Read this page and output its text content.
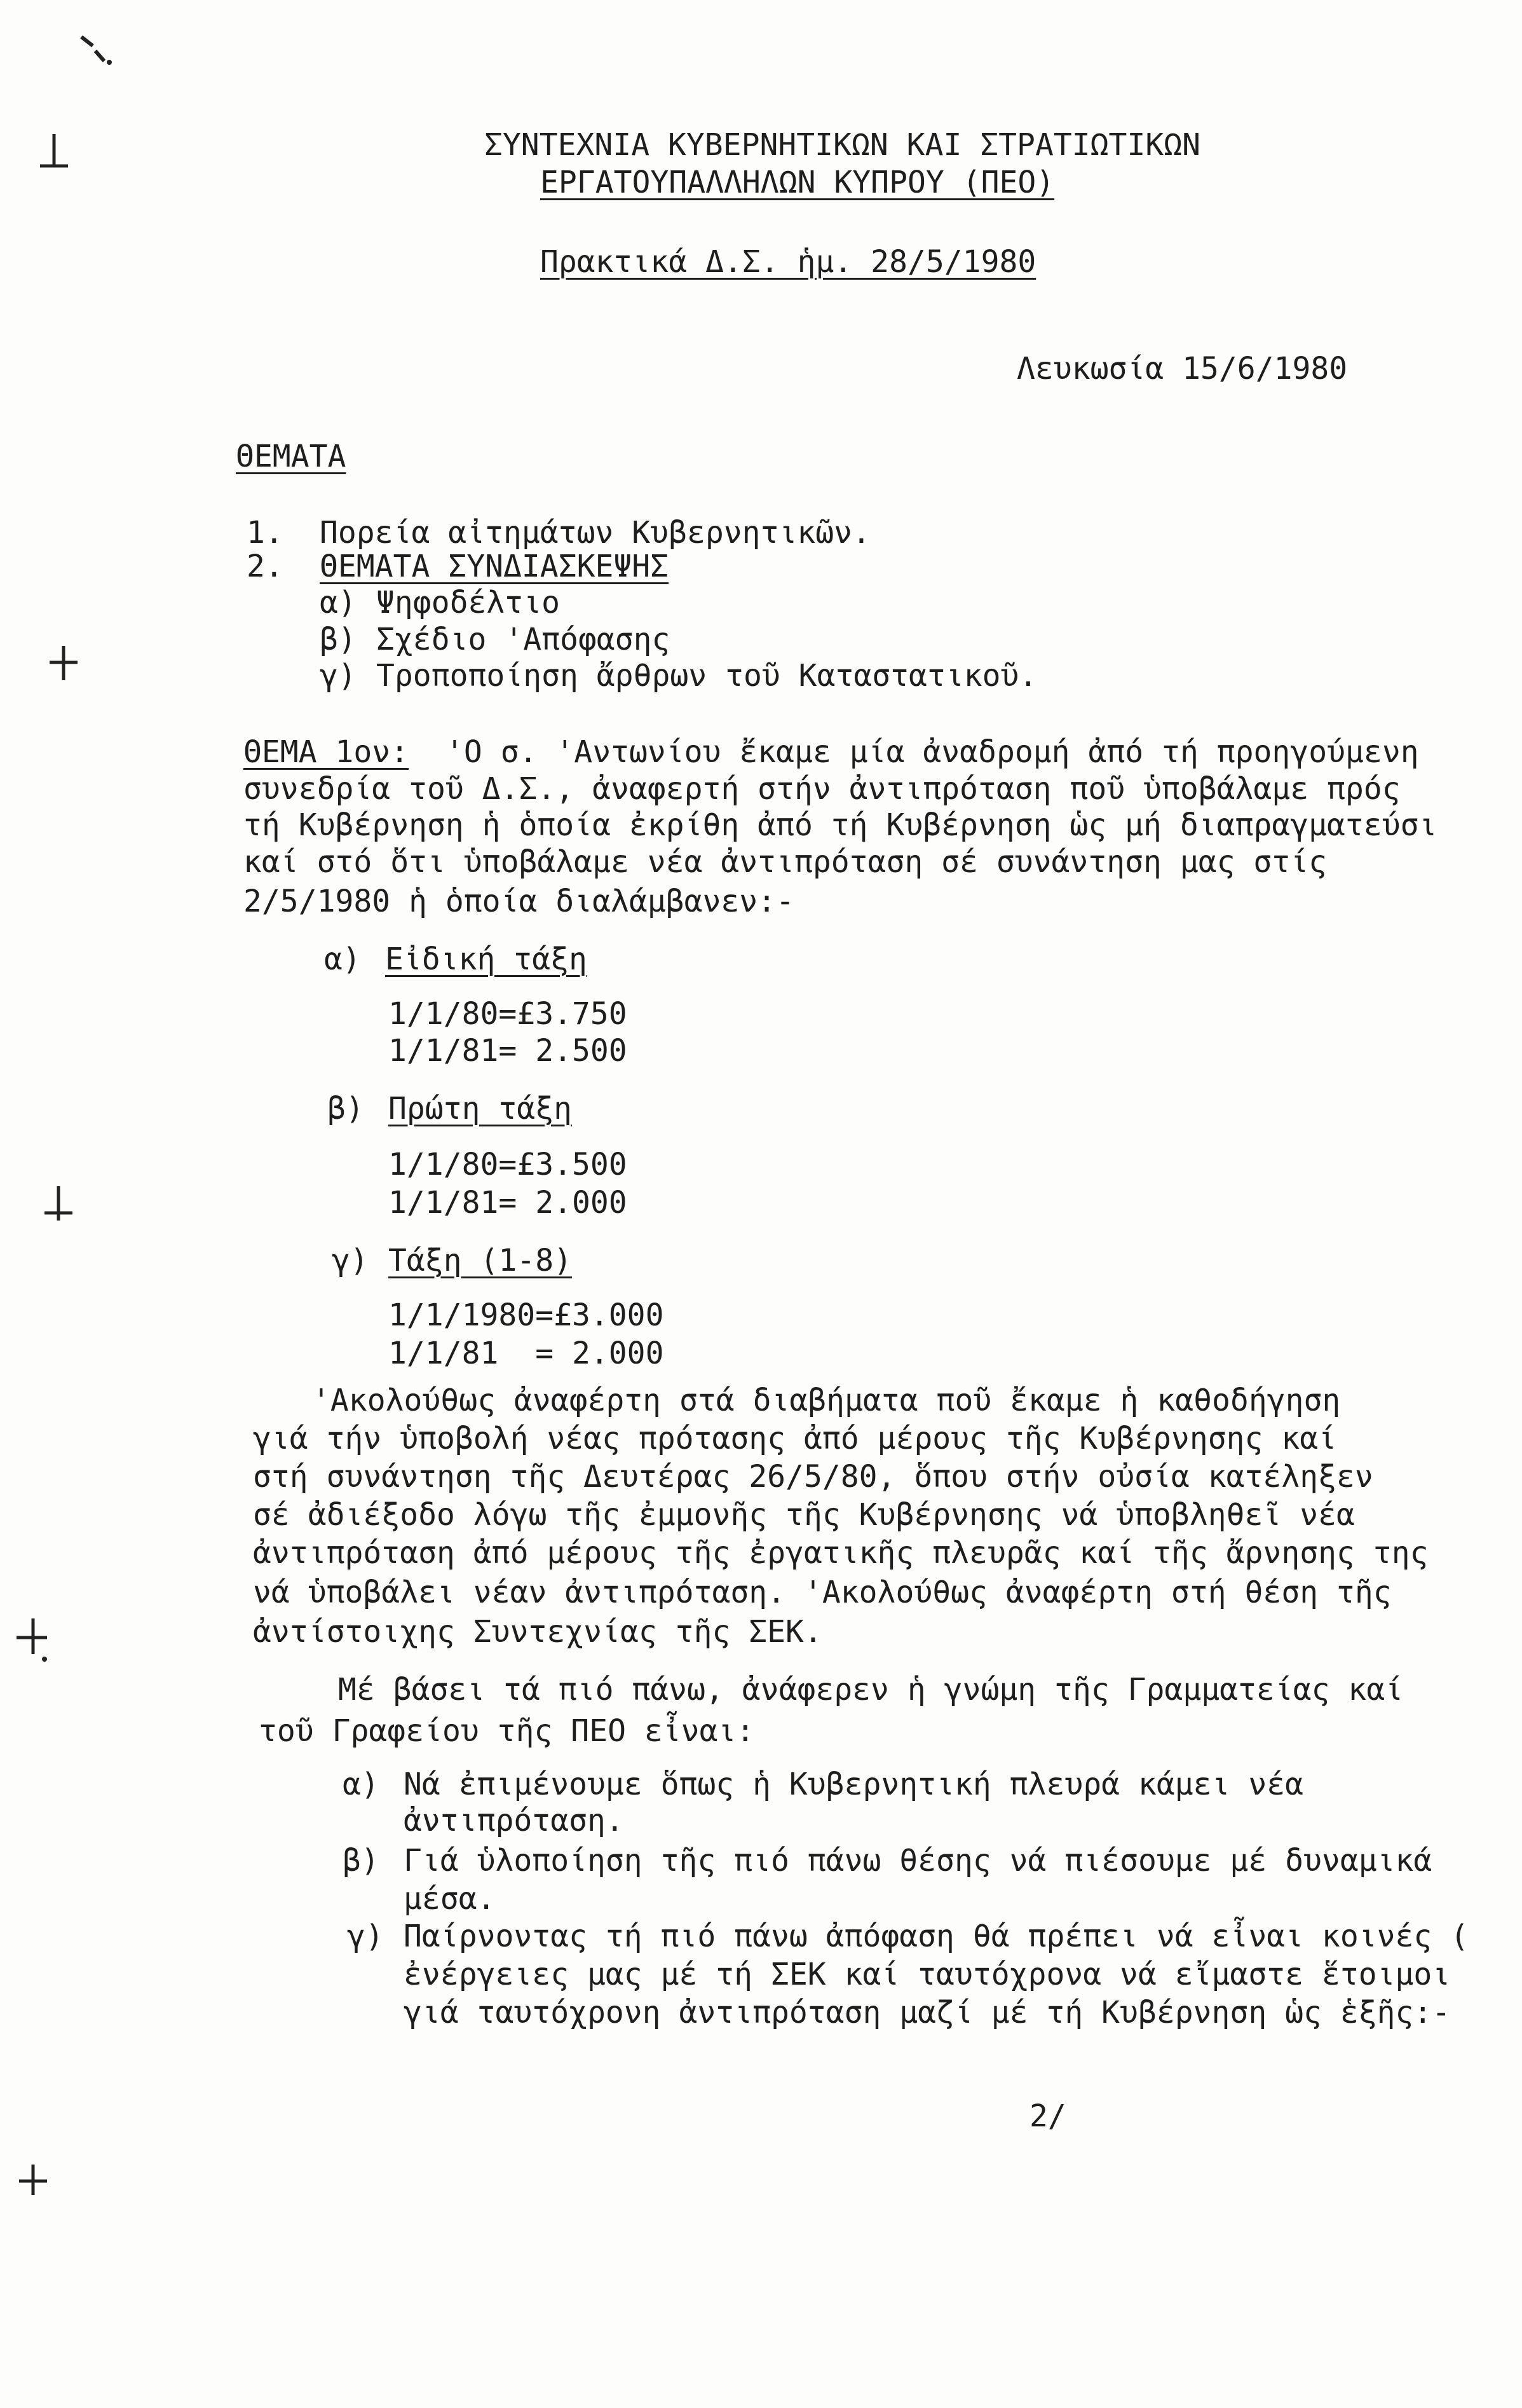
ΣΥΝΤΕΧΝΙΑ ΚΥΒΕΡΝΗΤΙΚΩΝ ΚΑΙ ΣΤΡΑΤΙΩΤΙΚΩΝ
ΕΡΓΑΤΟΥΠΑΛΛΗΛΩΝ ΚΥΠΡΟΥ (ΠΕΟ)
Πρακτικά Δ.Σ. ἡμ. 28/5/1980
Λευκωσία 15/6/1980
ΘΕΜΑΤΑ
1. Πορεία αἰτημάτων Κυβερνητικῶν.
2. ΘΕΜΑΤΑ ΣΥΝΔΙΑΣΚΕΨΗΣ
α) Ψηφοδέλτιο
β) Σχέδιο 'Απόφασης
γ) Τροποποίηση ἄρθρων τοῦ Καταστατικοῦ.
ΘΕΜΑ 1ον: 'Ο σ. 'Αντωνίου ἔκαμε μία ἀναδρομή ἀπό τή προηγούμενη
συνεδρία τοῦ Δ.Σ., ἀναφερτή στήν ἀντιπρόταση ποῦ ὑποβάλαμε πρός
τή Κυβέρνηση ἡ ὁποία ἐκρίθη ἀπό τή Κυβέρνηση ὡς μή διαπραγματεύσι
καί στό ὅτι ὑποβάλαμε νέα ἀντιπρόταση σέ συνάντηση μας στίς
2/5/1980 ἡ ὁποία διαλάμβανεν:-
α) Εἰδική τάξη
1/1/80=£3.750
1/1/81= 2.500
β) Πρώτη τάξη
1/1/80=£3.500
1/1/81= 2.000
γ) Τάξη (1-8)
1/1/1980=£3.000
1/1/81  = 2.000
'Ακολούθως ἀναφέρτη στά διαβήματα ποῦ ἔκαμε ἡ καθοδήγηση
γιά τήν ὑποβολή νέας πρότασης ἀπό μέρους τῆς Κυβέρνησης καί
στή συνάντηση τῆς Δευτέρας 26/5/80, ὅπου στήν οὐσία κατέληξεν
σέ ἀδιέξοδο λόγω τῆς ἐμμονῆς τῆς Κυβέρνησης νά ὑποβληθεῖ νέα
ἀντιπρόταση ἀπό μέρους τῆς ἐργατικῆς πλευρᾶς καί τῆς ἄρνησης της
νά ὑποβάλει νέαν ἀντιπρόταση. 'Ακολούθως ἀναφέρτη στή θέση τῆς
ἀντίστοιχης Συντεχνίας τῆς ΣΕΚ.
Μέ βάσει τά πιό πάνω, ἀνάφερεν ἡ γνώμη τῆς Γραμματείας καί
τοῦ Γραφείου τῆς ΠΕΟ εἶναι:
α) Νά ἐπιμένουμε ὅπως ἡ Κυβερνητική πλευρά κάμει νέα
ἀντιπρόταση.
β) Γιά ὑλοποίηση τῆς πιό πάνω θέσης νά πιέσουμε μέ δυναμικά
μέσα.
γ) Παίρνοντας τή πιό πάνω ἀπόφαση θά πρέπει νά εἶναι κοινές (
ἐνέργειες μας μέ τή ΣΕΚ καί ταυτόχρονα νά εἴμαστε ἕτοιμοι
γιά ταυτόχρονη ἀντιπρόταση μαζί μέ τή Κυβέρνηση ὡς ἑξῆς:-
2/
